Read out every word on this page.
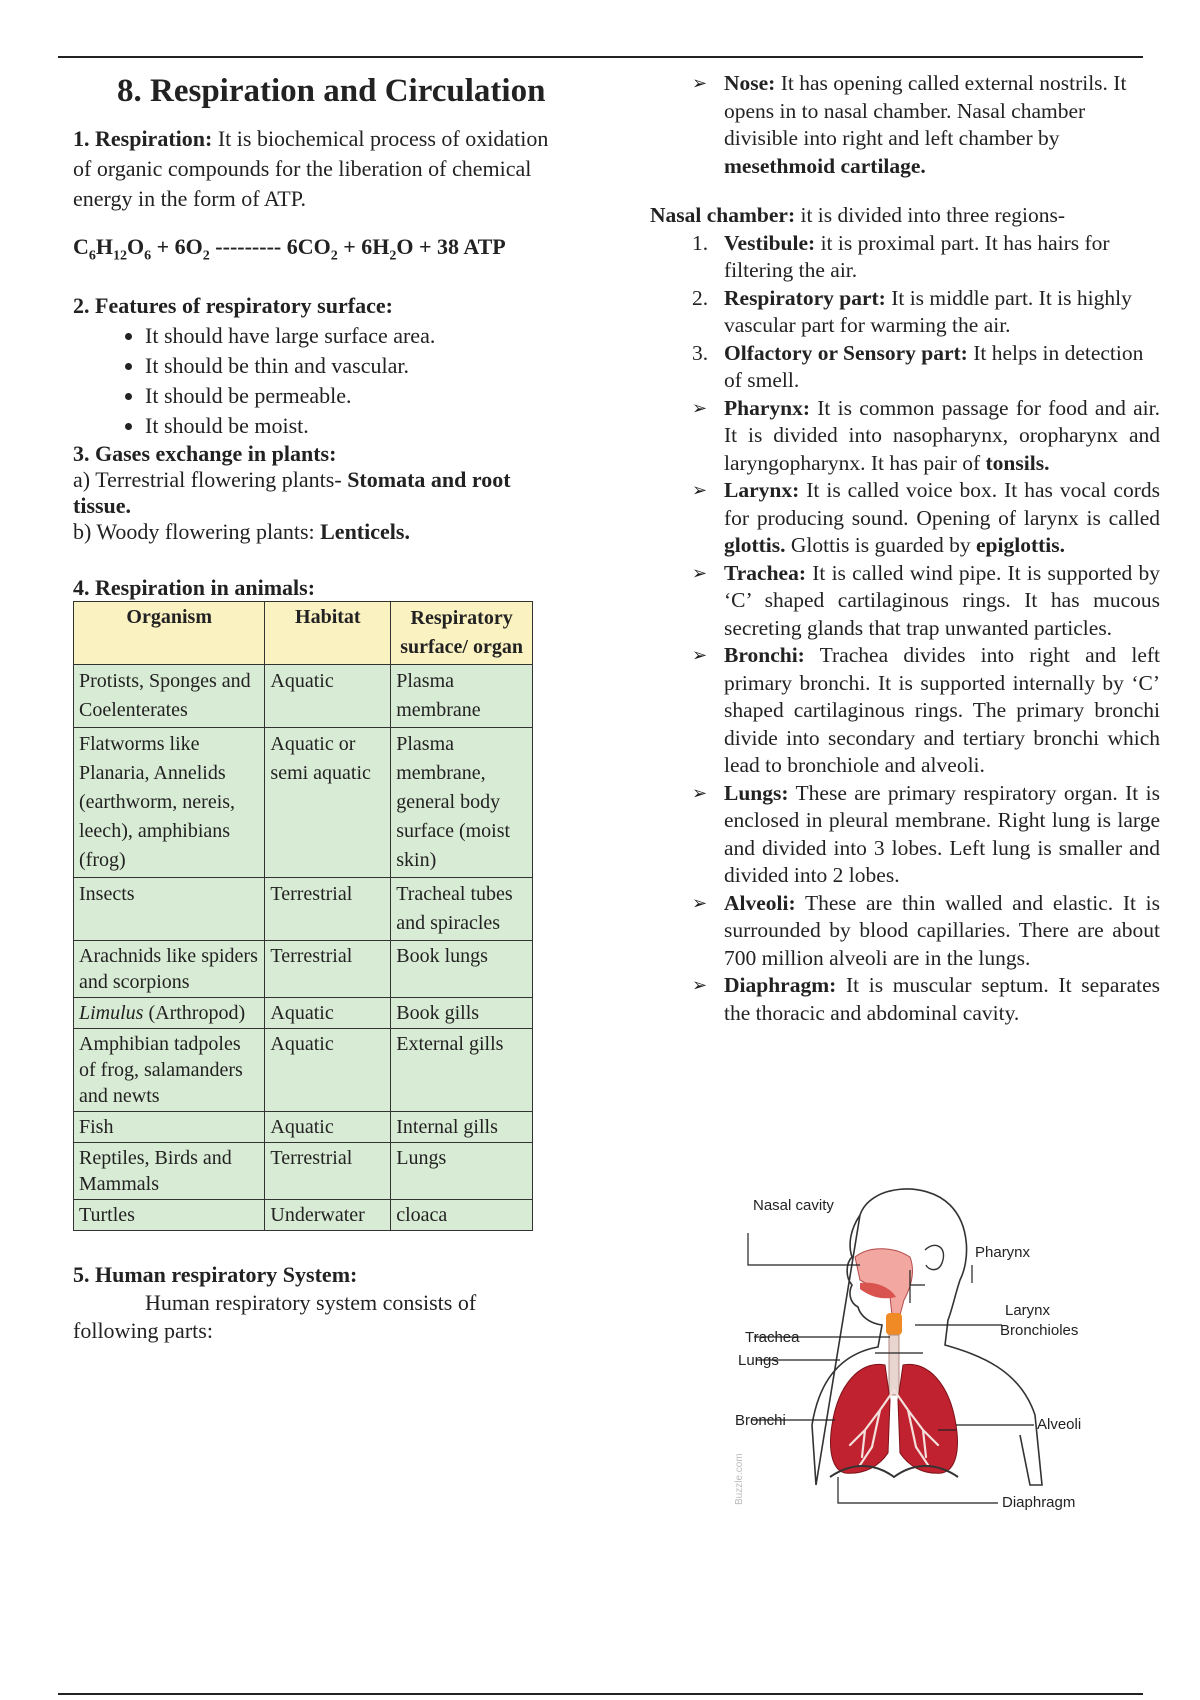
8. Respiration and Circulation

1. Respiration: It is biochemical process of oxidation of organic compounds for the liberation of chemical energy in the form of ATP.

$C_6H_{12}O_6 + 6O_2$ --------- $6CO_2 + 6H_2O + 38$ ATP

2. Features of respiratory surface:

• It should have large surface area.
• It should be thin and vascular.
• It should be permeable.
• It should be moist.

3. Gases exchange in plants:

a) Terrestrial flowering plants- Stomata and root tissue.

b) Woody flowering plants: Lenticels.

4. Respiration in animals:

Organism	Habitat	Respiratory surface/ organ
Protists, Sponges and Coelenterates	Aquatic	Plasma membrane
Flatworms like Planaria, Annelids (earthworm, nereis, leech), amphibians (frog)	Aquatic or semi aquatic	Plasma membrane, general body surface (moist skin)
Insects	Terrestrial	Tracheal tubes and spiracles
Arachnids like spiders and scorpions	Terrestrial	Book lungs
Limulus (Arthropod)	Aquatic	Book gills
Amphibian tadpoles of frog, salamanders and newts	Aquatic	External gills
Fish	Aquatic	Internal gills
Reptiles, Birds and Mammals	Terrestrial	Lungs
Turtles	Underwater	cloaca

5. Human respiratory System:

Human respiratory system consists of following parts:

➢ Nose: It has opening called external nostrils. It opens in to nasal chamber. Nasal chamber divisible into right and left chamber by mesethmoid cartilage.

Nasal chamber: it is divided into three regions-

1. Vestibule: it is proximal part. It has hairs for filtering the air.
2. Respiratory part: It is middle part. It is highly vascular part for warming the air.
3. Olfactory or Sensory part: It helps in detection of smell.
➢ Pharynx: It is common passage for food and air. It is divided into nasopharynx, oropharynx and laryngopharynx. It has pair of tonsils.
➢ Larynx: It is called voice box. It has vocal cords for producing sound. Opening of larynx is called glottis. Glottis is guarded by epiglottis.
➢ Trachea: It is called wind pipe. It is supported by ‘C’ shaped cartilaginous rings. It has mucous secreting glands that trap unwanted particles.
➢ Bronchi: Trachea divides into right and left primary bronchi. It is supported internally by ‘C’ shaped cartilaginous rings. The primary bronchi divide into secondary and tertiary bronchi which lead to bronchiole and alveoli.
➢ Lungs: These are primary respiratory organ. It is enclosed in pleural membrane. Right lung is large and divided into 3 lobes. Left lung is smaller and divided into 2 lobes.
➢ Alveoli: These are thin walled and elastic. It is surrounded by blood capillaries. There are about 700 million alveoli are in the lungs.
➢ Diaphragm: It is muscular septum. It separates the thoracic and abdominal cavity.
Nasal cavity
Pharynx
Larynx
Bronchioles
Trachea
Lungs
Bronchi	Alveoli
Diaphragm
Buzzle.com
